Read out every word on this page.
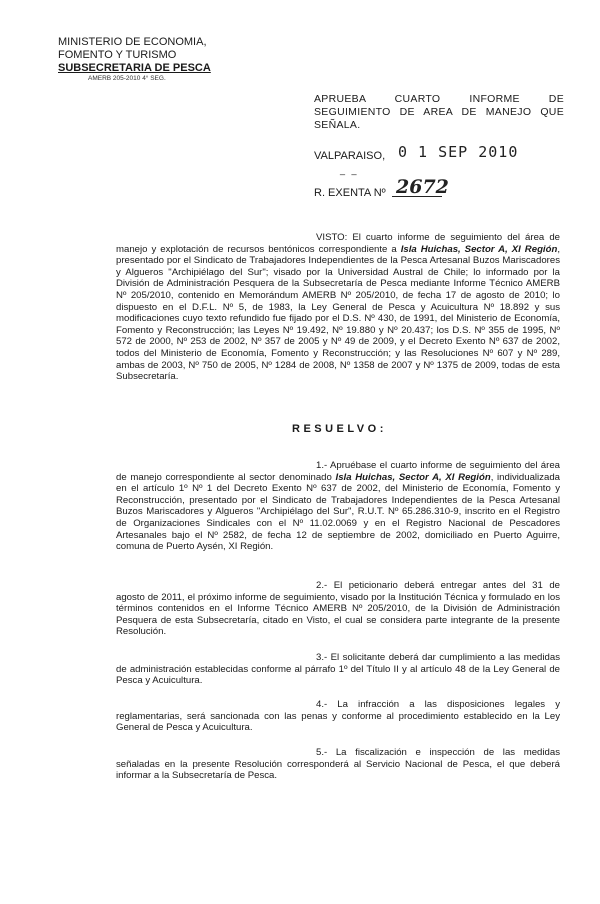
MINISTERIO DE ECONOMIA,
FOMENTO Y TURISMO
SUBSECRETARIA DE PESCA
AMERB 205-2010 4° SEG.
APRUEBA CUARTO INFORME DE SEGUIMIENTO DE AREA DE MANEJO QUE SEÑALA.
VALPARAISO, 0 1 SEP 2010
_ _
R. EXENTA Nº 2672
VISTO: El cuarto informe de seguimiento del área de manejo y explotación de recursos bentónicos correspondiente a Isla Huichas, Sector A, XI Región, presentado por el Sindicato de Trabajadores Independientes de la Pesca Artesanal Buzos Mariscadores y Algueros "Archipiélago del Sur"; visado por la Universidad Austral de Chile; lo informado por la División de Administración Pesquera de la Subsecretaría de Pesca mediante Informe Técnico AMERB Nº 205/2010, contenido en Memorándum AMERB Nº 205/2010, de fecha 17 de agosto de 2010; lo dispuesto en el D.F.L. Nº 5, de 1983, la Ley General de Pesca y Acuicultura Nº 18.892 y sus modificaciones cuyo texto refundido fue fijado por el D.S. Nº 430, de 1991, del Ministerio de Economía, Fomento y Reconstrucción; las Leyes Nº 19.492, Nº 19.880 y Nº 20.437; los D.S. Nº 355 de 1995, Nº 572 de 2000, Nº 253 de 2002, Nº 357 de 2005 y Nº 49 de 2009, y el Decreto Exento Nº 637 de 2002, todos del Ministerio de Economía, Fomento y Reconstrucción; y las Resoluciones Nº 607 y Nº 289, ambas de 2003, Nº 750 de 2005, Nº 1284 de 2008, Nº 1358 de 2007 y Nº 1375 de 2009, todas de esta Subsecretaría.
RESUELVO:
1.- Apruébase el cuarto informe de seguimiento del área de manejo correspondiente al sector denominado Isla Huichas, Sector A, XI Región, individualizada en el artículo 1º Nº 1 del Decreto Exento Nº 637 de 2002, del Ministerio de Economía, Fomento y Reconstrucción, presentado por el Sindicato de Trabajadores Independientes de la Pesca Artesanal Buzos Mariscadores y Algueros "Archipiélago del Sur", R.U.T. Nº 65.286.310-9, inscrito en el Registro de Organizaciones Sindicales con el Nº 11.02.0069 y en el Registro Nacional de Pescadores Artesanales bajo el Nº 2582, de fecha 12 de septiembre de 2002, domiciliado en Puerto Aguirre, comuna de Puerto Aysén, XI Región.
2.- El peticionario deberá entregar antes del 31 de agosto de 2011, el próximo informe de seguimiento, visado por la Institución Técnica y formulado en los términos contenidos en el Informe Técnico AMERB Nº 205/2010, de la División de Administración Pesquera de esta Subsecretaría, citado en Visto, el cual se considera parte integrante de la presente Resolución.
3.- El solicitante deberá dar cumplimiento a las medidas de administración establecidas conforme al párrafo 1º del Título II y al artículo 48 de la Ley General de Pesca y Acuicultura.
4.- La infracción a las disposiciones legales y reglamentarias, será sancionada con las penas y conforme al procedimiento establecido en la Ley General de Pesca y Acuicultura.
5.- La fiscalización e inspección de las medidas señaladas en la presente Resolución corresponderá al Servicio Nacional de Pesca, el que deberá informar a la Subsecretaría de Pesca.
